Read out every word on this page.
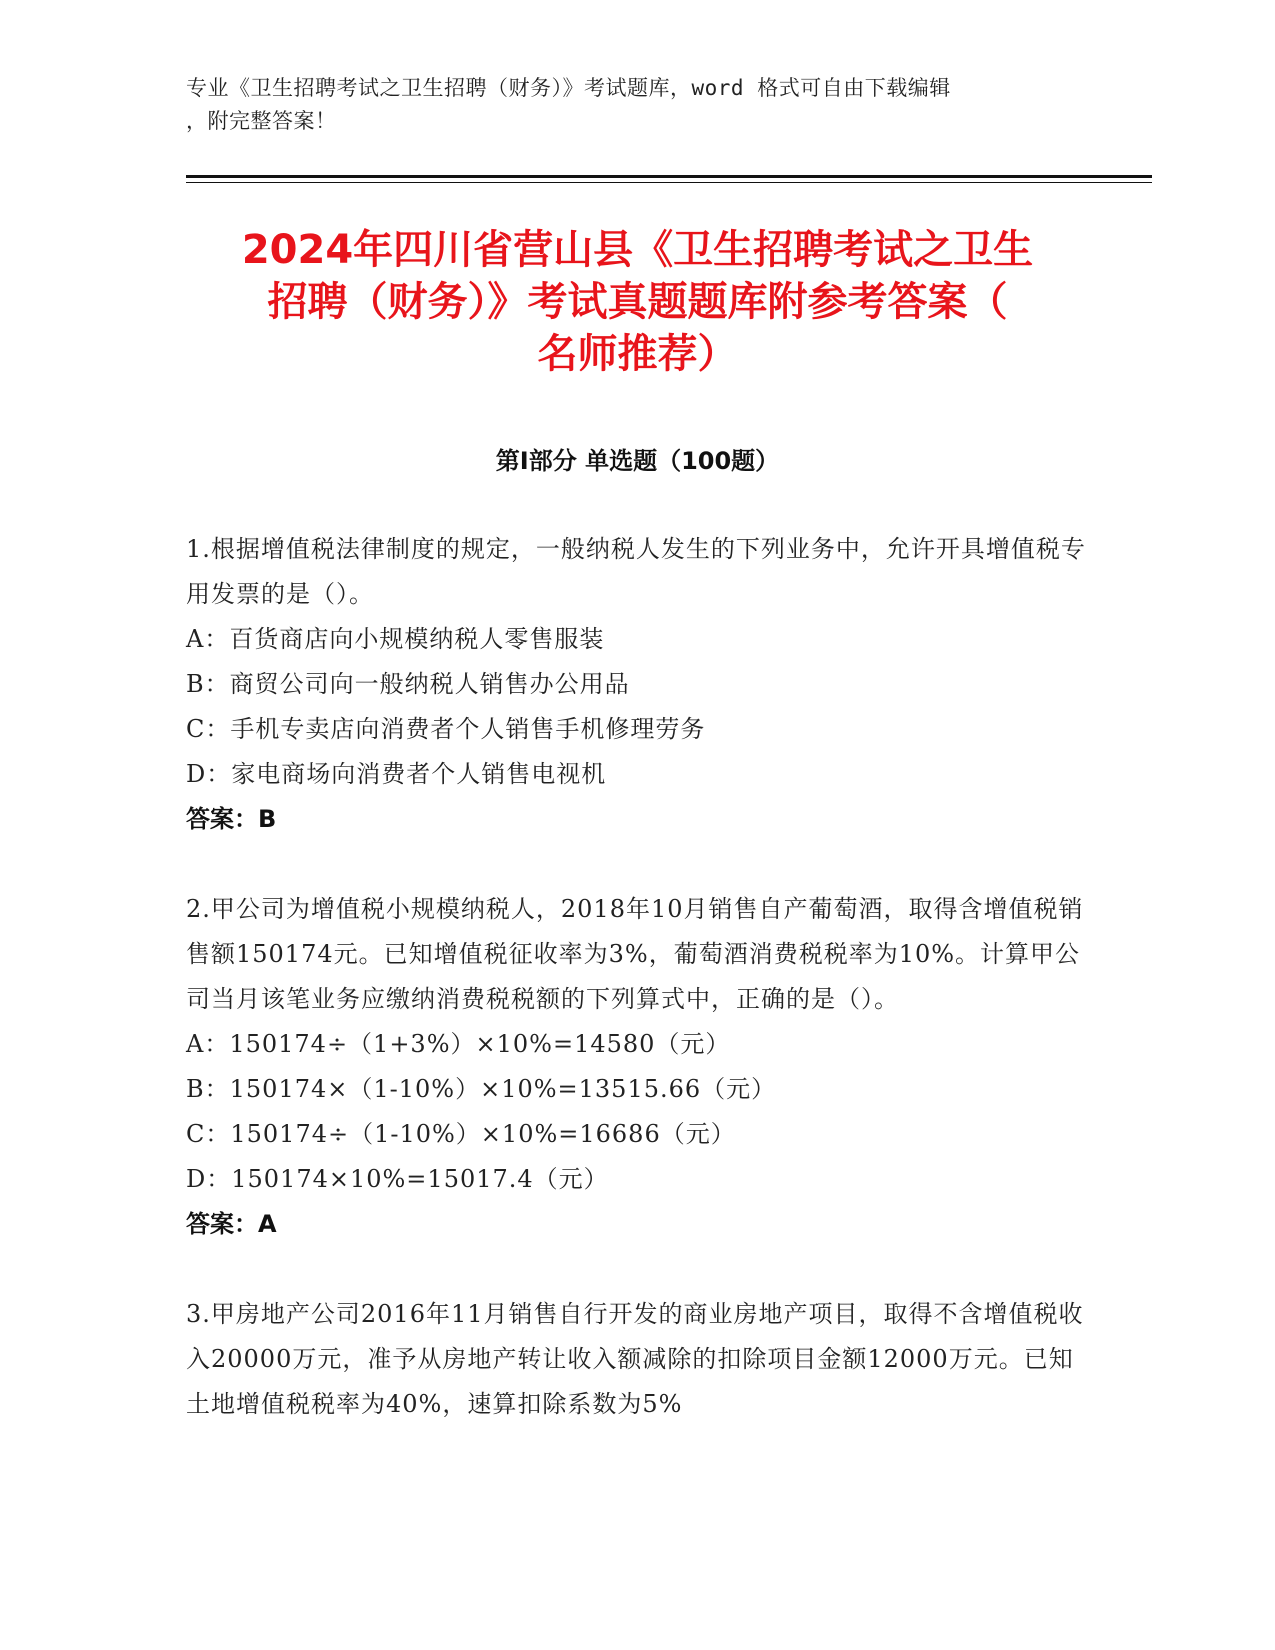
专业《卫生招聘考试之卫生招聘（财务）》考试题库，word 格式可自由下载编辑
，附完整答案！
2024年四川省营山县《卫生招聘考试之卫生
招聘（财务）》考试真题题库附参考答案（
名师推荐）
第Ⅰ部分 单选题（100题）

1.根据增值税法律制度的规定，一般纳税人发生的下列业务中，允许开具增值税专用发票的是（）。

A：百货商店向小规模纳税人零售服装

B：商贸公司向一般纳税人销售办公用品

C：手机专卖店向消费者个人销售手机修理劳务

D：家电商场向消费者个人销售电视机

答案：B

2.甲公司为增值税小规模纳税人，2018年10月销售自产葡萄酒，取得含增值税销售额150174元。已知增值税征收率为3%，葡萄酒消费税税率为10%。计算甲公司当月该笔业务应缴纳消费税税额的下列算式中，正确的是（）。

A：150174÷（1+3%）×10%=14580（元）

B：150174×（1-10%）×10%=13515.66（元）

C：150174÷（1-10%）×10%=16686（元）

D：150174×10%=15017.4（元）

答案：A

3.甲房地产公司2016年11月销售自行开发的商业房地产项目，取得不含增值税收入20000万元，准予从房地产转让收入额减除的扣除项目金额12000万元。已知土地增值税税率为40%，速算扣除系数为5%
